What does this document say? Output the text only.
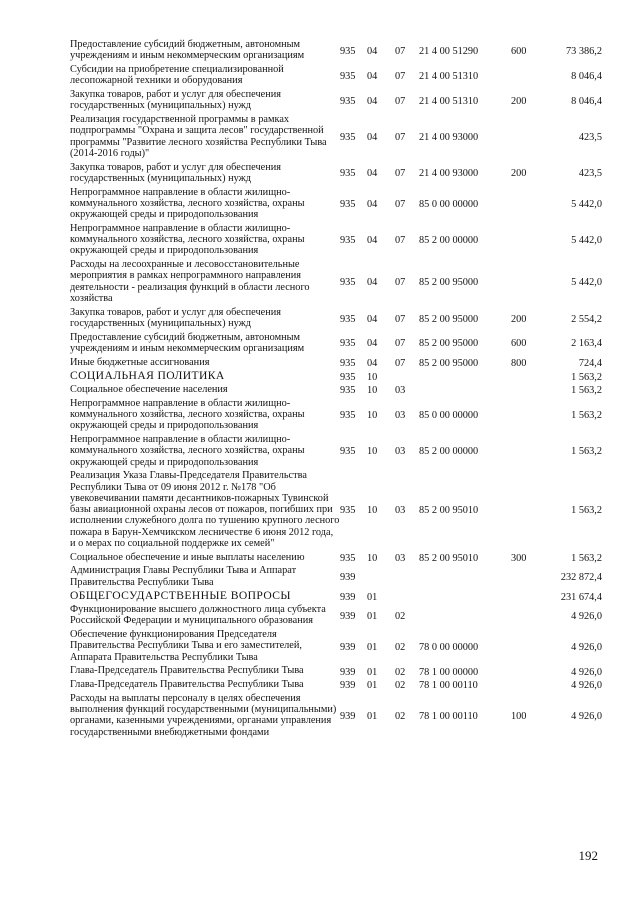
Предоставление субсидий бюджетным, автономным учреждениям и иным некоммерческим организациям	935	04	07	21 4 00 51290	600	73 386,2
Субсидии на приобретение специализированной лесопожарной техники и оборудования	935	04	07	21 4 00 51310		8 046,4
Закупка товаров, работ и услуг для обеспечения государственных (муниципальных) нужд	935	04	07	21 4 00 51310	200	8 046,4
Реализация государственной программы в рамках подпрограммы "Охрана и защита лесов" государственной программы "Развитие лесного хозяйства Республики Тыва (2014-2016 годы)"	935	04	07	21 4 00 93000		423,5
Закупка товаров, работ и услуг для обеспечения государственных (муниципальных) нужд	935	04	07	21 4 00 93000	200	423,5
Непрограммное направление в области жилищно-коммунального хозяйства, лесного хозяйства, охраны окружающей среды и природопользования	935	04	07	85 0 00 00000		5 442,0
Непрограммное направление в области жилищно-коммунального хозяйства, лесного хозяйства, охраны окружающей среды и природопользования	935	04	07	85 2 00 00000		5 442,0
Расходы на лесоохранные и лесовосстановительные мероприятия в рамках непрограммного направления деятельности - реализация функций в области лесного хозяйства	935	04	07	85 2 00 95000		5 442,0
Закупка товаров, работ и услуг для обеспечения государственных (муниципальных) нужд	935	04	07	85 2 00 95000	200	2 554,2
Предоставление субсидий бюджетным, автономным учреждениям и иным некоммерческим организациям	935	04	07	85 2 00 95000	600	2 163,4
Иные бюджетные ассигнования	935	04	07	85 2 00 95000	800	724,4
СОЦИАЛЬНАЯ ПОЛИТИКА	935	10				1 563,2
Социальное обеспечение населения	935	10	03			1 563,2
Непрограммное направление в области жилищно-коммунального хозяйства, лесного хозяйства, охраны окружающей среды и природопользования	935	10	03	85 0 00 00000		1 563,2
Непрограммное направление в области жилищно-коммунального хозяйства, лесного хозяйства, охраны окружающей среды и природопользования	935	10	03	85 2 00 00000		1 563,2
Реализация Указа Главы-Председателя Правительства Республики Тыва от 09 июня 2012 г. №178 "Об увековечивании памяти десантников-пожарных Тувинской базы авиационной охраны лесов от пожаров, погибших при исполнении служебного долга по тушению крупного лесного пожара в Барун-Хемчикском лесничестве 6 июня 2012 года, и о мерах по социальной поддержке их семей"	935	10	03	85 2 00 95010		1 563,2
Социальное обеспечение и иные выплаты населению	935	10	03	85 2 00 95010	300	1 563,2
Администрация Главы Республики Тыва и Аппарат Правительства Республики Тыва	939					232 872,4
ОБЩЕГОСУДАРСТВЕННЫЕ ВОПРОСЫ	939	01				231 674,4
Функционирование высшего должностного лица субъекта Российской Федерации и муниципального образования	939	01	02			4 926,0
Обеспечение функционирования Председателя Правительства Республики Тыва и его заместителей, Аппарата Правительства Республики Тыва	939	01	02	78 0 00 00000		4 926,0
Глава-Председатель Правительства Республики Тыва	939	01	02	78 1 00 00000		4 926,0
Глава-Председатель Правительства Республики Тыва	939	01	02	78 1 00 00110		4 926,0
Расходы на выплаты персоналу в целях обеспечения выполнения функций государственными (муниципальными) органами, казенными учреждениями, органами управления государственными внебюджетными фондами	939	01	02	78 1 00 00110	100	4 926,0
192
